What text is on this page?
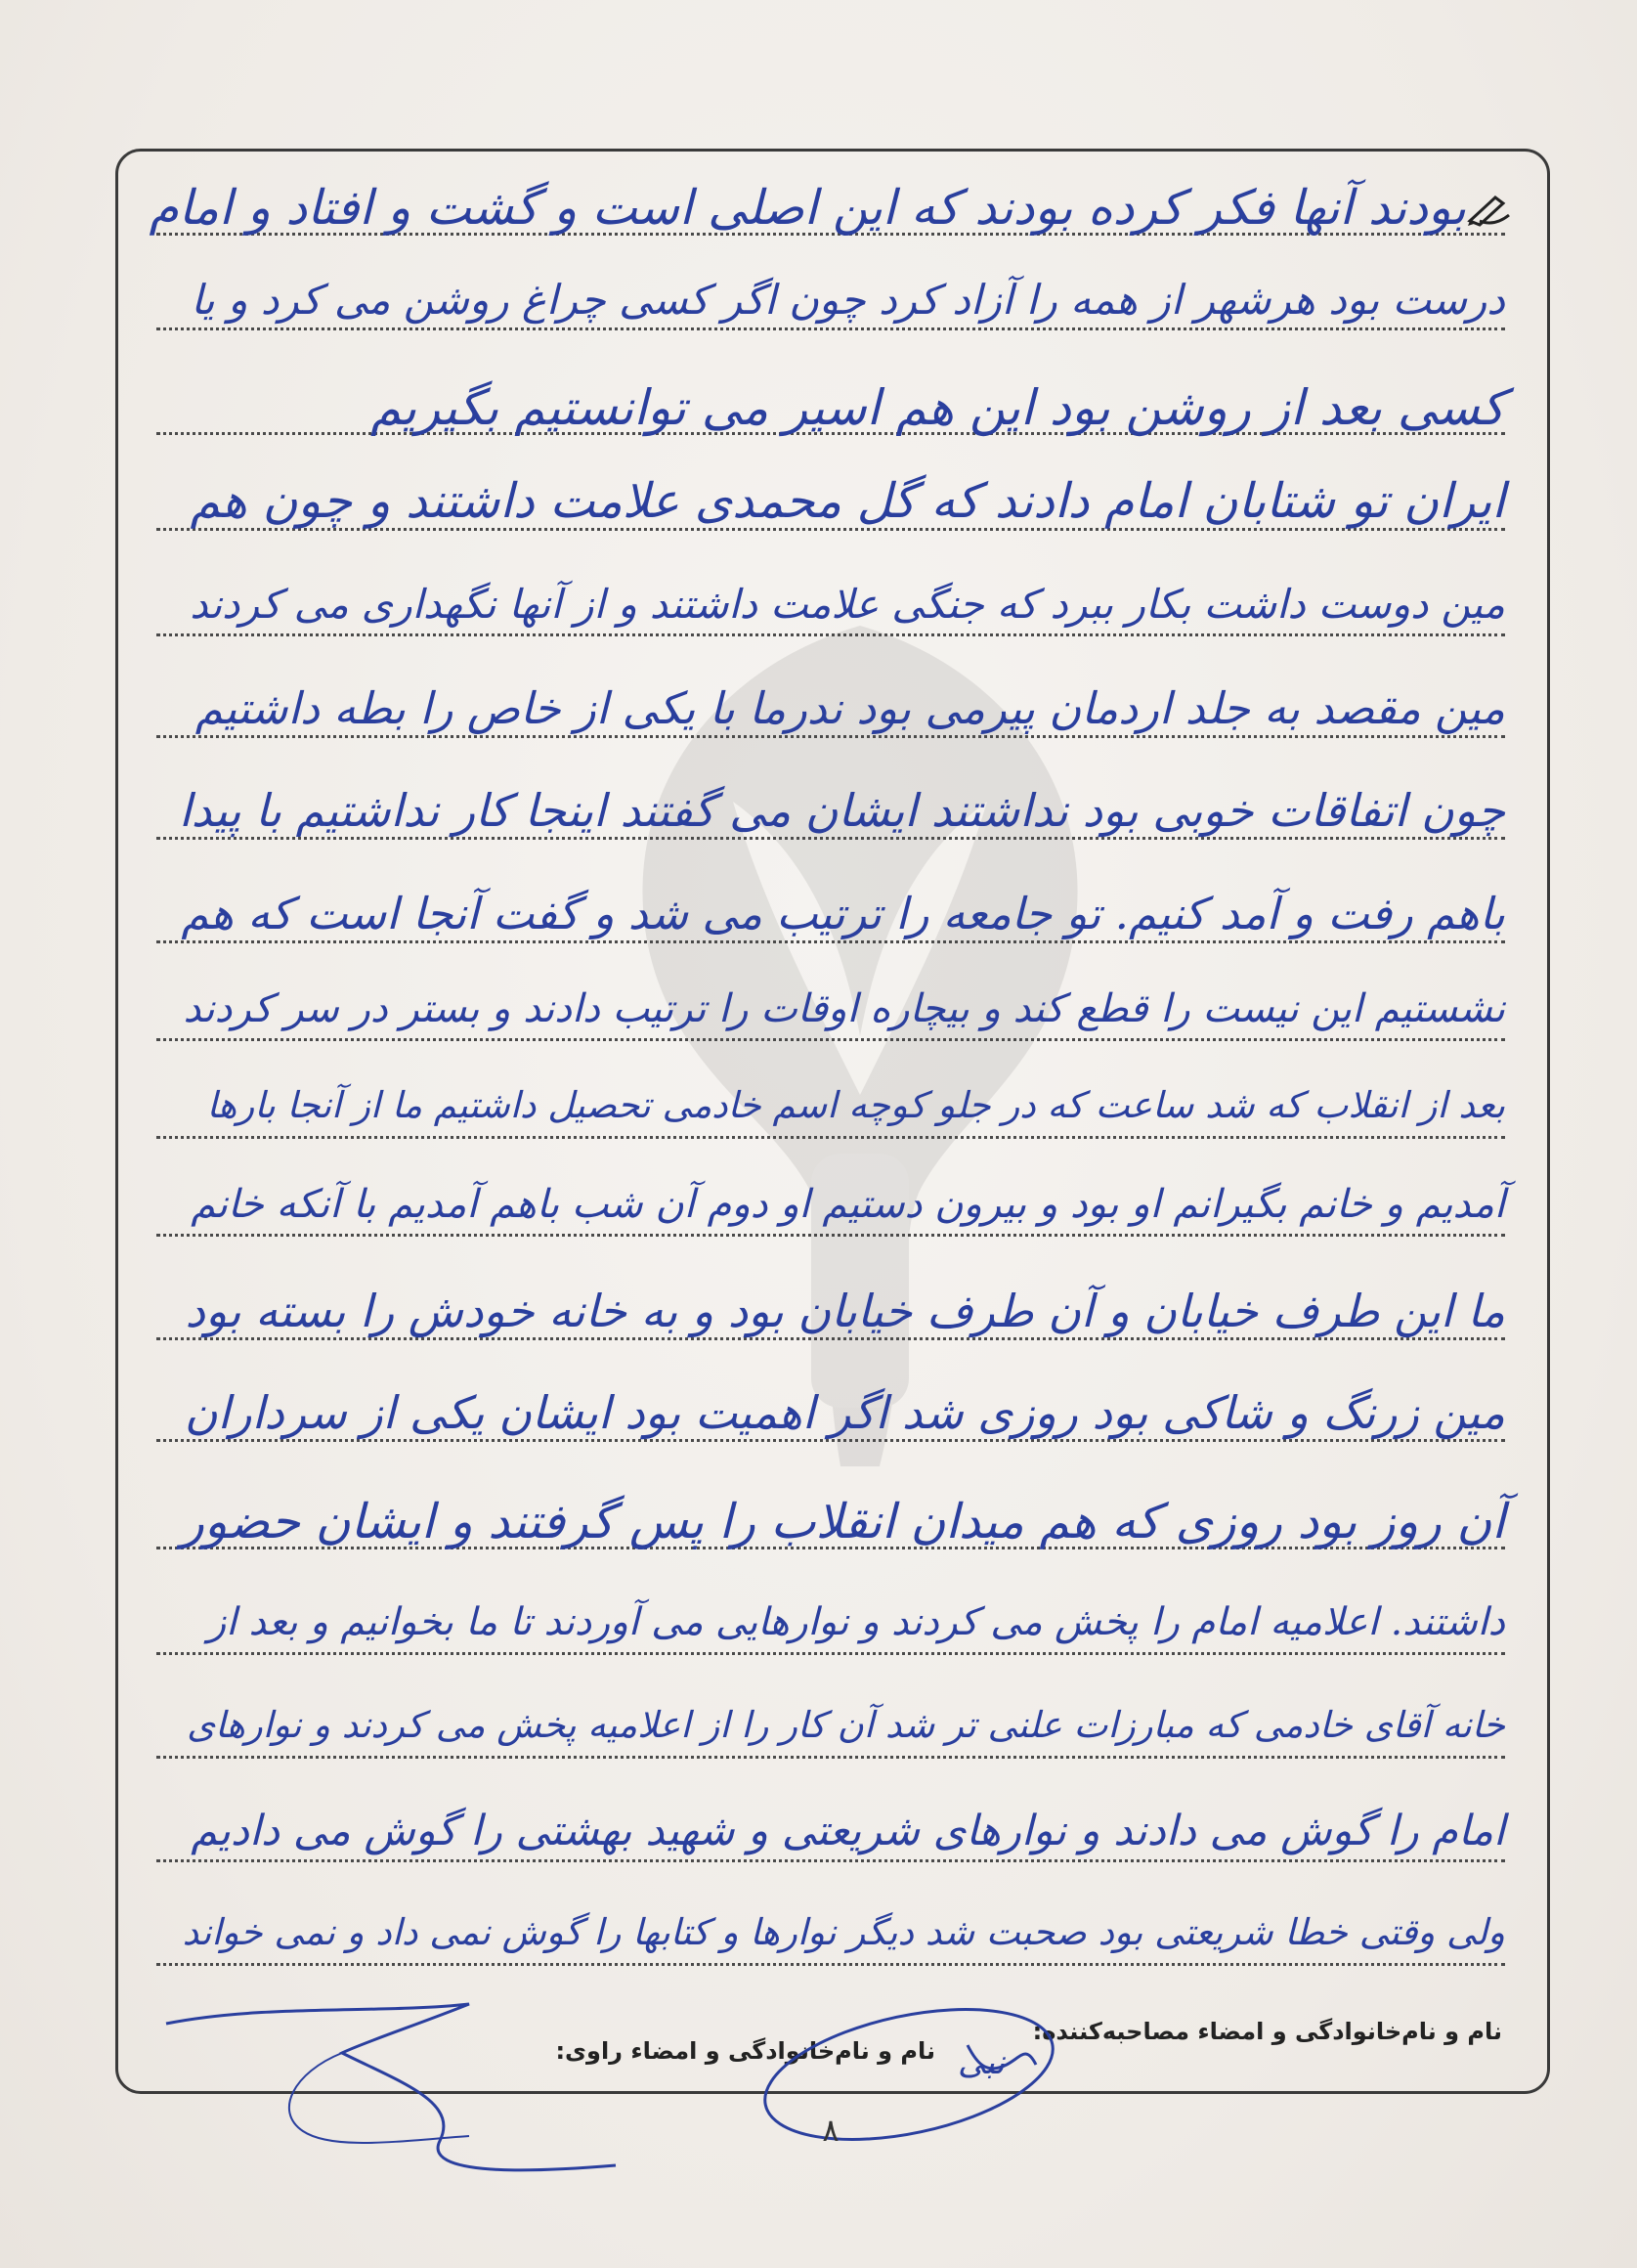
بودند آنها فکر کرده بودند که این اصلی است و گشت و افتاد و امام
درست بود هرشهر از همه را آزاد کرد چون اگر کسی چراغ روشن می کرد و یا
کسی بعد از روشن بود این هم اسیر می توانستیم بگیریم
ایران تو شتابان امام دادند که گل محمدی علامت داشتند و چون هم
مین دوست داشت بکار ببرد که جنگی علامت داشتند و از آنها نگهداری می کردند
مین مقصد به جلد اردمان پیرمی بود ندرما با یکی از خاص را بطه داشتیم
چون اتفاقات خوبی بود نداشتند ایشان می گفتند اینجا کار نداشتیم با پیدا
باهم رفت و آمد کنیم. تو جامعه را ترتیب می شد و گفت آنجا است که هم
نشستیم این نیست را قطع کند و بیچاره اوقات را ترتیب دادند و بستر در سر کردند
بعد از انقلاب که شد ساعت که در جلو کوچه اسم خادمی تحصیل داشتیم ما از آنجا بارها
آمدیم و خانم بگیرانم او بود و بیرون دستیم او دوم آن شب باهم آمدیم با آنکه خانم
ما این طرف خیابان و آن طرف خیابان بود و به خانه خودش را بسته بود
مین زرنگ و شاکی بود روزی شد اگر اهمیت بود ایشان یکی از سرداران
آن روز بود روزی که هم میدان انقلاب را پس گرفتند و ایشان حضور
داشتند. اعلامیه امام را پخش می کردند و نوارهایی می آوردند تا ما بخوانیم و بعد از
خانه آقای خادمی که مبارزات علنی تر شد آن کار را از اعلامیه پخش می کردند و نوارهای
امام را گوش می دادند و نوارهای شریعتی و شهید بهشتی را گوش می دادیم
ولی وقتی خطا شریعتی بود صحبت شد دیگر نوارها و کتابها را گوش نمی داد و نمی خواند
نام و نام‌خانوادگی و امضاء مصاحبه‌کننده:
نام و نام‌خانوادگی و امضاء راوی: نبی
۸
